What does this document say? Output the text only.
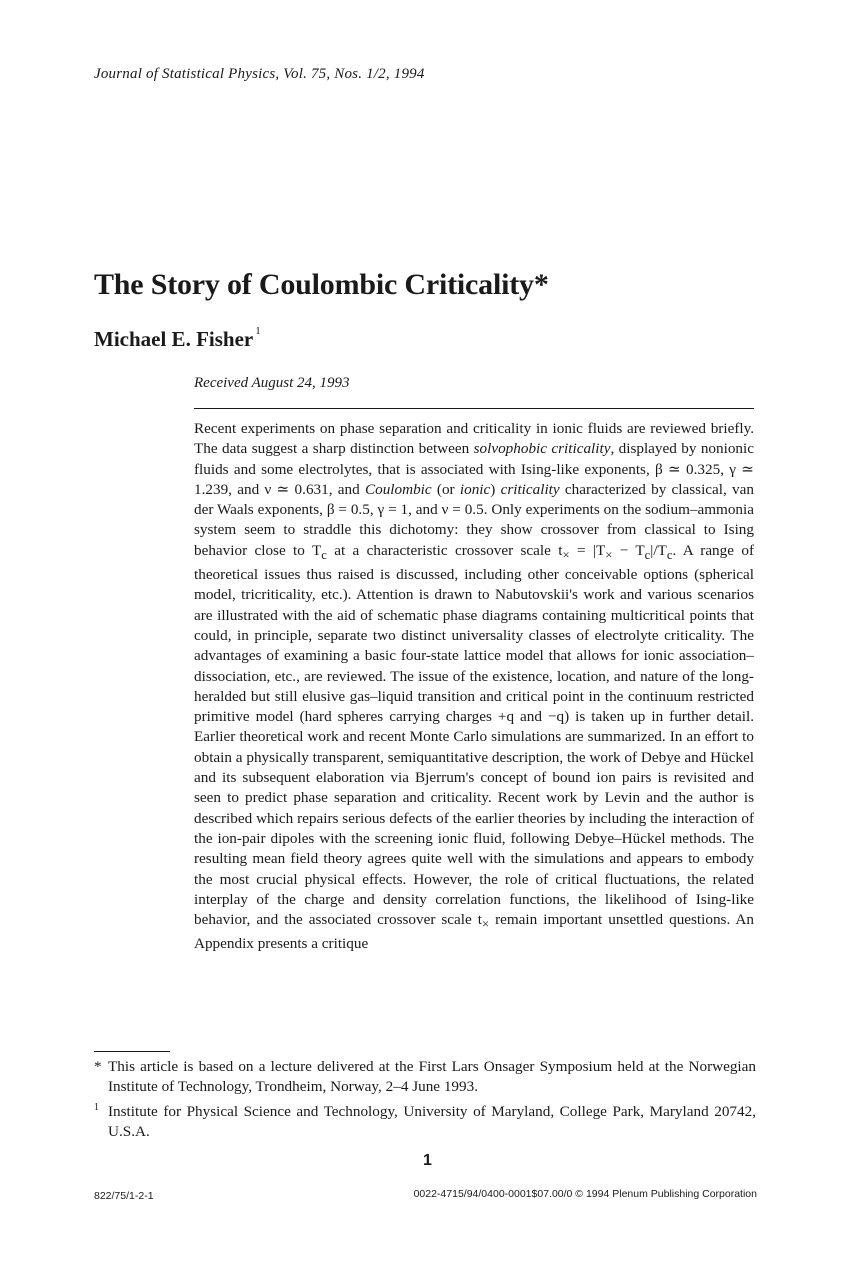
Journal of Statistical Physics, Vol. 75, Nos. 1/2, 1994
The Story of Coulombic Criticality*
Michael E. Fisher $^1$
Received August 24, 1993

Recent experiments on phase separation and criticality in ionic fluids are reviewed briefly. The data suggest a sharp distinction between solvophobic criticality, displayed by nonionic fluids and some electrolytes, that is associated with Ising-like exponents, β ≃ 0.325, γ ≃ 1.239, and ν ≃ 0.631, and Coulombic (or ionic) criticality characterized by classical, van der Waals exponents, β = 0.5, γ = 1, and ν = 0.5. Only experiments on the sodium–ammonia system seem to straddle this dichotomy: they show crossover from classical to Ising behavior close to $T_c$ at a characteristic crossover scale $t_\times = |T_\times - T_c|/T_c$. A range of theoretical issues thus raised is discussed, including other conceivable options (spherical model, tricriticality, etc.). Attention is drawn to Nabutovskii's work and various scenarios are illustrated with the aid of schematic phase diagrams containing multicritical points that could, in principle, separate two distinct universality classes of electrolyte criticality. The advantages of examining a basic four-state lattice model that allows for ionic association–dissociation, etc., are reviewed. The issue of the existence, location, and nature of the long-heralded but still elusive gas–liquid transition and critical point in the continuum restricted primitive model (hard spheres carrying charges +q and −q) is taken up in further detail. Earlier theoretical work and recent Monte Carlo simulations are summarized. In an effort to obtain a physically transparent, semiquantitative description, the work of Debye and Hückel and its subsequent elaboration via Bjerrum's concept of bound ion pairs is revisited and seen to predict phase separation and criticality. Recent work by Levin and the author is described which repairs serious defects of the earlier theories by including the interaction of the ion-pair dipoles with the screening ionic fluid, following Debye–Hückel methods. The resulting mean field theory agrees quite well with the simulations and appears to embody the most crucial physical effects. However, the role of critical fluctuations, the related interplay of the charge and density correlation functions, the likelihood of Ising-like behavior, and the associated crossover scale $t_\times$ remain important unsettled questions. An Appendix presents a critique

* This article is based on a lecture delivered at the First Lars Onsager Symposium held at the Norwegian Institute of Technology, Trondheim, Norway, 2–4 June 1993.

$^1$ Institute for Physical Science and Technology, University of Maryland, College Park, Maryland 20742, U.S.A.

1
822/75/1-2-1	0022-4715/94/0400-0001$07.00/0 © 1994 Plenum Publishing Corporation
